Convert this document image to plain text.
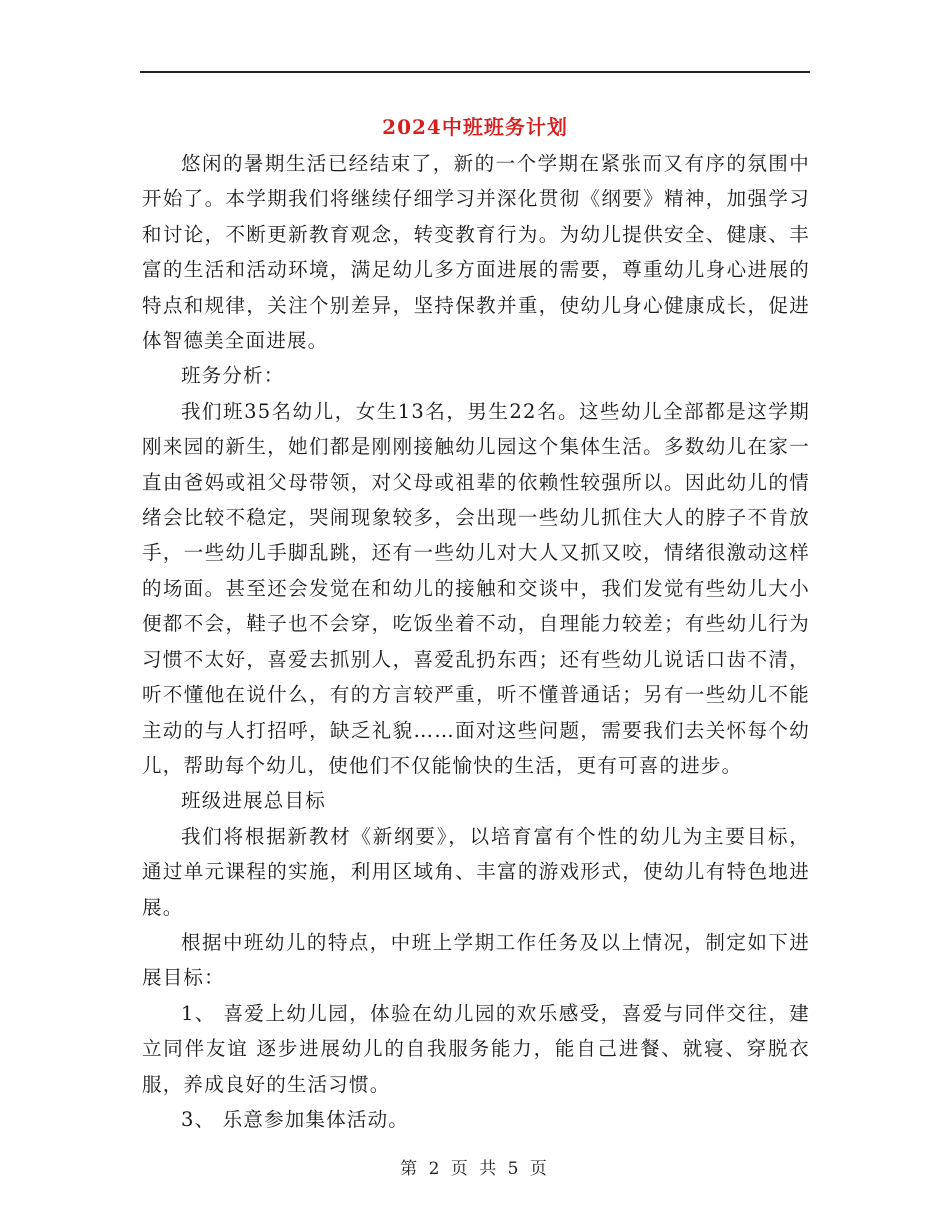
2024中班班务计划

悠闲的暑期生活已经结束了，新的一个学期在紧张而又有序的氛围中开始了。本学期我们将继续仔细学习并深化贯彻《纲要》精神，加强学习和讨论，不断更新教育观念，转变教育行为。为幼儿提供安全、健康、丰富的生活和活动环境，满足幼儿多方面进展的需要，尊重幼儿身心进展的特点和规律，关注个别差异，坚持保教并重，使幼儿身心健康成长，促进体智德美全面进展。

班务分析：

我们班35名幼儿，女生13名，男生22名。这些幼儿全部都是这学期刚来园的新生，她们都是刚刚接触幼儿园这个集体生活。多数幼儿在家一直由爸妈或祖父母带领，对父母或祖辈的依赖性较强所以。因此幼儿的情绪会比较不稳定，哭闹现象较多，会出现一些幼儿抓住大人的脖子不肯放手，一些幼儿手脚乱跳，还有一些幼儿对大人又抓又咬，情绪很激动这样的场面。甚至还会发觉在和幼儿的接触和交谈中，我们发觉有些幼儿大小便都不会，鞋子也不会穿，吃饭坐着不动，自理能力较差；有些幼儿行为习惯不太好，喜爱去抓别人，喜爱乱扔东西；还有些幼儿说话口齿不清，听不懂他在说什么，有的方言较严重，听不懂普通话；另有一些幼儿不能主动的与人打招呼，缺乏礼貌……面对这些问题，需要我们去关怀每个幼儿，帮助每个幼儿，使他们不仅能愉快的生活，更有可喜的进步。

班级进展总目标

我们将根据新教材《新纲要》，以培育富有个性的幼儿为主要目标，通过单元课程的实施，利用区域角、丰富的游戏形式，使幼儿有特色地进展。

根据中班幼儿的特点，中班上学期工作任务及以上情况，制定如下进展目标：

1、 喜爱上幼儿园，体验在幼儿园的欢乐感受，喜爱与同伴交往，建立同伴友谊 逐步进展幼儿的自我服务能力，能自己进餐、就寝、穿脱衣服，养成良好的生活习惯。

3、 乐意参加集体活动。

第 2 页 共 5 页
